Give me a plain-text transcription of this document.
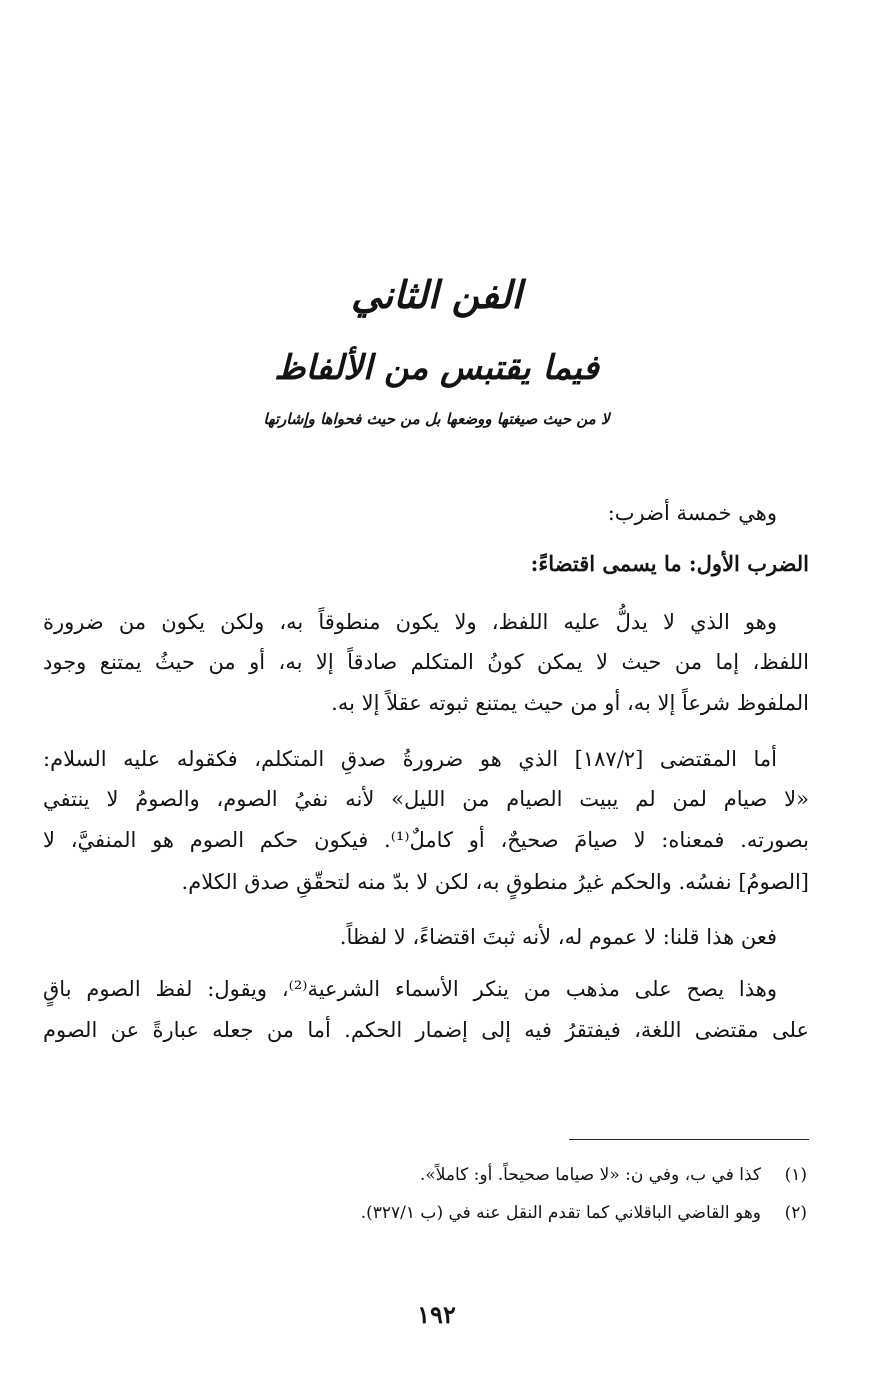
الفن الثاني
فيما يقتبس من الألفاظ
لا من حيث صيغتها ووضعها بل من حيث فحواها وإشارتها
وهي خمسة أضرب:
الضرب الأول: ما يسمى اقتضاءً:
وهو الذي لا يدلُّ عليه اللفظ، ولا يكون منطوقاً به، ولكن يكون من ضرورة
اللفظ، إما من حيث لا يمكن كونُ المتكلم صادقاً إلا به، أو من حيثُ يمتنع وجود
الملفوظ شرعاً إلا به، أو من حيث يمتنع ثبوته عقلاً إلا به.
أما المقتضى [١٨٧/٢] الذي هو ضرورةُ صدقِ المتكلم، فكقوله عليه السلام:
«لا صيام لمن لم يبيت الصيام من الليل» لأنه نفيُ الصوم، والصومُ لا ينتفي
بصورته. فمعناه: لا صيامَ صحيحٌ، أو كاملٌ⁽¹⁾. فيكون حكم الصوم هو المنفيَّ، لا
[الصومُ] نفسُه. والحكم غيرُ منطوقٍ به، لكن لا بدّ منه لتحقّقِ صدق الكلام.
فعن هذا قلنا: لا عموم له، لأنه ثبتَ اقتضاءً، لا لفظاً.
وهذا يصح على مذهب من ينكر الأسماء الشرعية⁽²⁾، ويقول: لفظ الصوم باقٍ
على مقتضى اللغة، فيفتقرُ فيه إلى إضمار الحكم. أما من جعله عبارةً عن الصوم
(١)كذا في ب، وفي ن: «لا صياما صحيحاً. أو: كاملاً».
(٢)وهو القاضي الباقلاني كما تقدم النقل عنه في (ب ٣٢٧/١).
١٩٢
